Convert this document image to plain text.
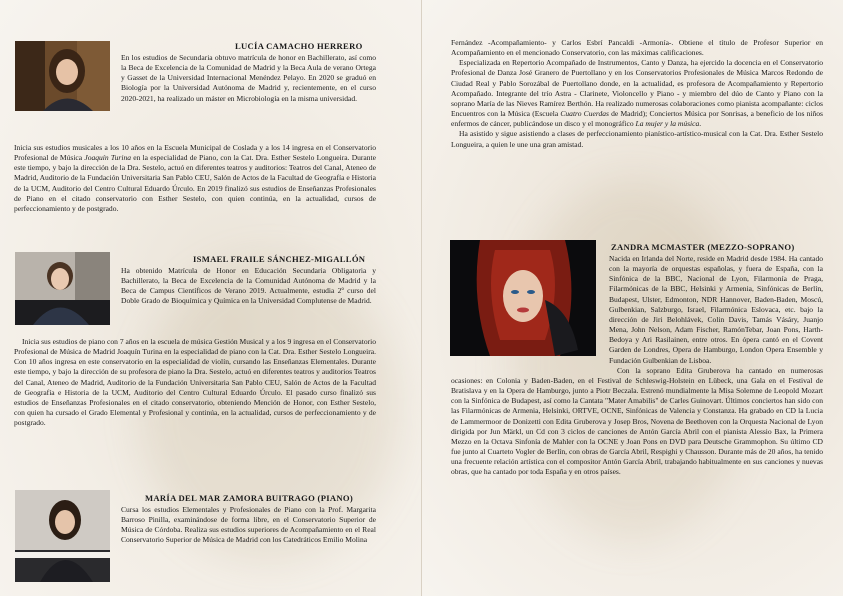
LUCÍA CAMACHO HERRERO

En los estudios de Secundaria obtuvo matrícula de honor en Bachillerato, así como la Beca de Excelencia de la Comunidad de Madrid y la Beca Aula de verano Ortega y Gasset de la Universidad Internacional Menéndez Pelayo. En 2020 se graduó en Biología por la Universidad Autónoma de Madrid y, recientemente, en el curso 2020-2021, ha realizado un máster en Microbiología en la misma universidad.

Inicia sus estudios musicales a los 10 años en la Escuela Municipal de Coslada y a los 14 ingresa en el Conservatorio Profesional de Música Joaquín Turina en la especialidad de Piano, con la Cat. Dra. Esther Sestelo Longueira. Durante este tiempo, y bajo la dirección de la Dra. Sestelo, actuó en diferentes teatros y auditorios: Teatros del Canal, Ateneo de Madrid, Auditorio de la Fundación Universitaria San Pablo CEU, Salón de Actos de la Facultad de Geografía e Historia de la UCM, Auditorio del Centro Cultural Eduardo Úrculo. En 2019 finalizó sus estudios de Enseñanzas Profesionales de Piano en el citado conservatorio con Esther Sestelo, con quien continúa, en la actualidad, cursos de perfeccionamiento y de postgrado.

ISMAEL FRAILE SÁNCHEZ-MIGALLÓN

Ha obtenido Matrícula de Honor en Educación Secundaria Obligatoria y Bachillerato, la Beca de Excelencia de la Comunidad Autónoma de Madrid y la Beca de Campus Científicos de Verano 2019. Actualmente, estudia 2º curso del Doble Grado de Bioquímica y Química en la Universidad Complutense de Madrid.

Inicia sus estudios de piano con 7 años en la escuela de música Gestión Musical y a los 9 ingresa en el Conservatorio Profesional de Música de Madrid Joaquín Turina en la especialidad de piano con la Cat. Dra. Esther Sestelo Longueira. Con 10 años ingresa en este conservatorio en la especialidad de violín, cursando las Enseñanzas Elementales. Durante este tiempo, y bajo la dirección de su profesora de piano la Dra. Sestelo, actuó en diferentes teatros y auditorios Teatros del Canal, Ateneo de Madrid, Auditorio de la Fundación Universitaria San Pablo CEU, Salón de Actos de la Facultad de Geografía e Historia de la UCM, Auditorio del Centro Cultural Eduardo Úrculo. El pasado curso finalizó sus estudios de Enseñanzas Profesionales en el citado conservatorio, obteniendo Mención de Honor, con Esther Sestelo, con quien ha cursado el Grado Elemental y Profesional y continúa, en la actualidad, cursos de perfeccionamiento y de postgrado.

MARÍA DEL MAR ZAMORA BUITRAGO (PIANO)

Cursa los estudios Elementales y Profesionales de Piano con la Prof. Margarita Barroso Pinilla, examinándose de forma libre, en el Conservatorio Superior de Música de Córdoba. Realiza sus estudios superiores de Acompañamiento en el Real Conservatorio Superior de Música de Madrid con los Catedráticos Emilio Molina

Fernández -Acompañamiento- y Carlos Esbrí Pancaldi -Armonía-. Obtiene el título de Profesor Superior en Acompañamiento en el mencionado Conservatorio, con las máximas calificaciones.

Especializada en Repertorio Acompañado de Instrumentos, Canto y Danza, ha ejercido la docencia en el Conservatorio Profesional de Danza José Granero de Puertollano y en los Conservatorios Profesionales de Música Marcos Redondo de Ciudad Real y Pablo Sorozábal de Puertollano donde, en la actualidad, es profesora de Acompañamiento y Repertorio Acompañado. Integrante del trío Astra - Clarinete, Violoncello y Piano - y miembro del dúo de Canto y Piano con la soprano María de las Nieves Ramírez Berthón. Ha realizado numerosas colaboraciones como pianista acompañante: ciclos Encuentros con la Música (Escuela Cuatro Cuerdas de Madrid); Conciertos Música por Sonrisas, a beneficio de los niños enfermos de cáncer, publicándose un disco y el monográfico La mujer y la música.

Ha asistido y sigue asistiendo a clases de perfeccionamiento pianístico-artístico-musical con la Cat. Dra. Esther Sestelo Longueira, a quien le une una gran amistad.

ZANDRA MCMASTER (MEZZO-SOPRANO)

Nacida en Irlanda del Norte, reside en Madrid desde 1984. Ha cantado con la mayoría de orquestas españolas, y fuera de España, con la Sinfónica de la BBC, Nacional de Lyon, Filarmonía de Praga, Filarmónicas de la BBC, Helsinki y Armenia, Sinfónicas de Berlín, Budapest, Ulster, Edmonton, NDR Hannover, Baden-Baden, Moscú, Gulbenkian, Salzburgo, Israel, Filarmónica Eslovaca, etc. bajo la dirección de Jiri Belohlávek, Colin Davis, Tamás Vásáry, Juanjo Mena, John Nelson, Adam Fischer, RamónTebar, Joan Pons, Harth-Bedoya y Ari Rasilainen, entre otros. En ópera cantó en el Covent Garden de Londres, Opera de Hamburgo, London Opera Ensemble y Fundación Gulbenkian de Lisboa.

Con la soprano Edita Gruberova ha cantado en numerosas ocasiones: en Colonia y Baden-Baden, en el Festival de Schleswig-Holstein en Lübeck, una Gala en el Festival de Bratislava y en la Opera de Hamburgo, junto a Piotr Beczala. Estrenó mundialmente la Misa Solemne de Leopold Mozart con la Sinfónica de Budapest, así como la Cantata "Mater Amabilis" de Carles Guinovart. Últimos conciertos han sido con las Filarmónicas de Armenia, Helsinki, ORTVE, OCNE, Sinfónicas de Valencia y Constanza. Ha grabado en CD la Lucia de Lammermoor de Donizetti con Edita Gruberova y Josep Bros, Novena de Beethoven con la Orquesta Nacional de Lyon dirigida por Jun Märkl, un Cd con 3 ciclos de canciones de Antón García Abril con el pianista Alessio Bax, la Primera Mezzo en la Octava Sinfonía de Mahler con la OCNE y Joan Pons en DVD para Deutsche Grammophon. Su último CD fue junto al Cuarteto Vogler de Berlín, con obras de García Abril, Respighi y Chausson. Durante más de 20 años, ha tenido una frecuente relación artística con el compositor Antón García Abril, trabajando habitualmente en sus canciones y nuevas obras, que ha cantado por toda España y en otros países.
